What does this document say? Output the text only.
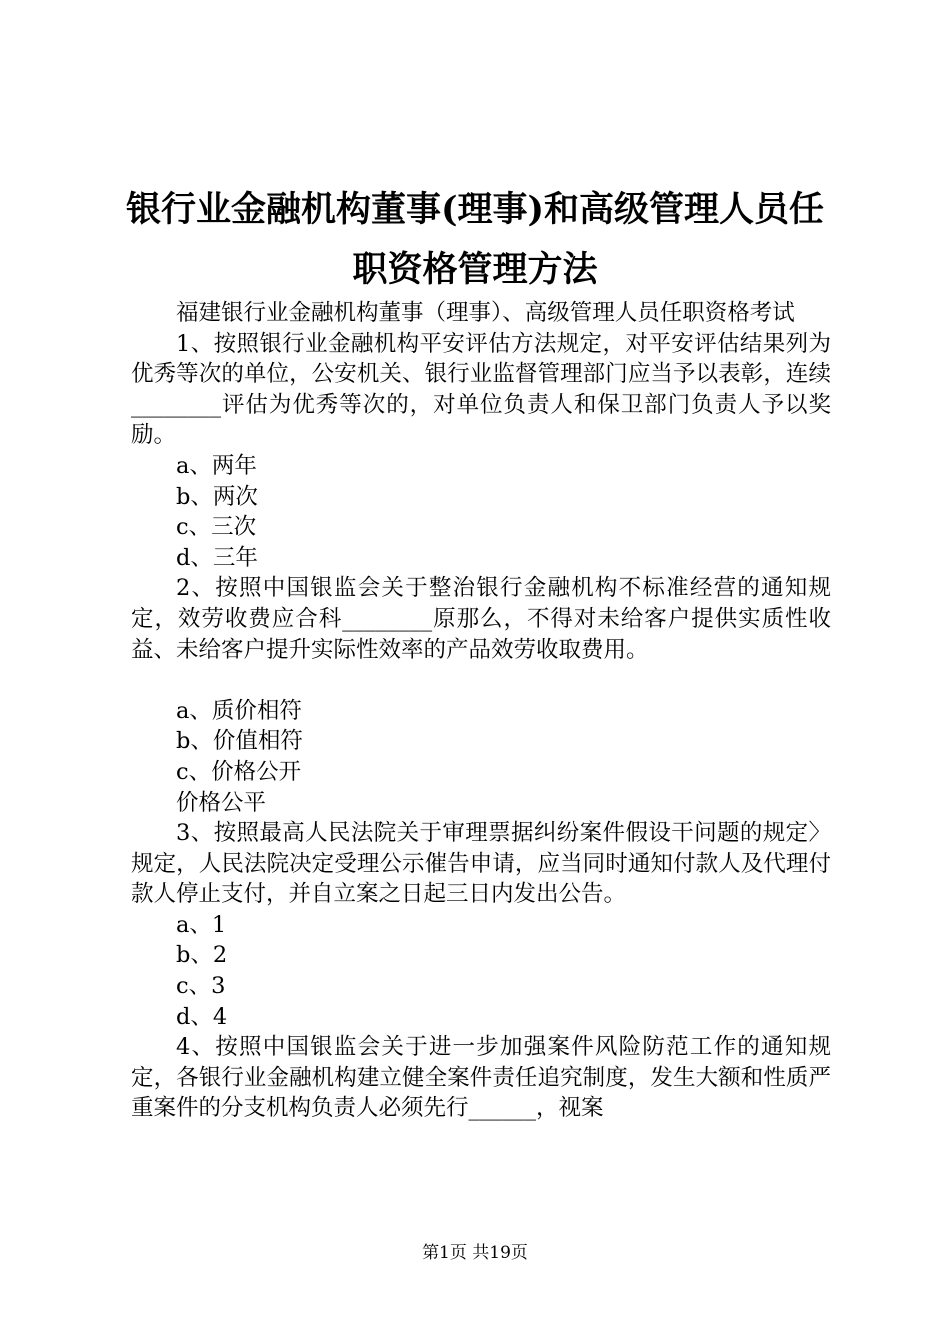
银行业金融机构董事(理事)和高级管理人员任
职资格管理方法

福建银行业金融机构董事（理事）、高级管理人员任职资格考试

1、按照银行业金融机构平安评估方法规定，对平安评估结果列为优秀等次的单位，公安机关、银行业监督管理部门应当予以表彰，连续________评估为优秀等次的，对单位负责人和保卫部门负责人予以奖励。

a、两年

b、两次

c、三次

d、三年

2、按照中国银监会关于整治银行金融机构不标准经营的通知规定，效劳收费应合科________原那么，不得对未给客户提供实质性收益、未给客户提升实际性效率的产品效劳收取费用。

a、质价相符

b、价值相符

c、价格公开

价格公平

3、按照最高人民法院关于审理票据纠纷案件假设干问题的规定〉规定，人民法院决定受理公示催告申请，应当同时通知付款人及代理付款人停止支付，并自立案之日起三日内发出公告。

a、1

b、2

c、3

d、4

4、按照中国银监会关于进一步加强案件风险防范工作的通知规定，各银行业金融机构建立健全案件责任追究制度，发生大额和性质严重案件的分支机构负责人必须先行______，视案

第1页 共19页
